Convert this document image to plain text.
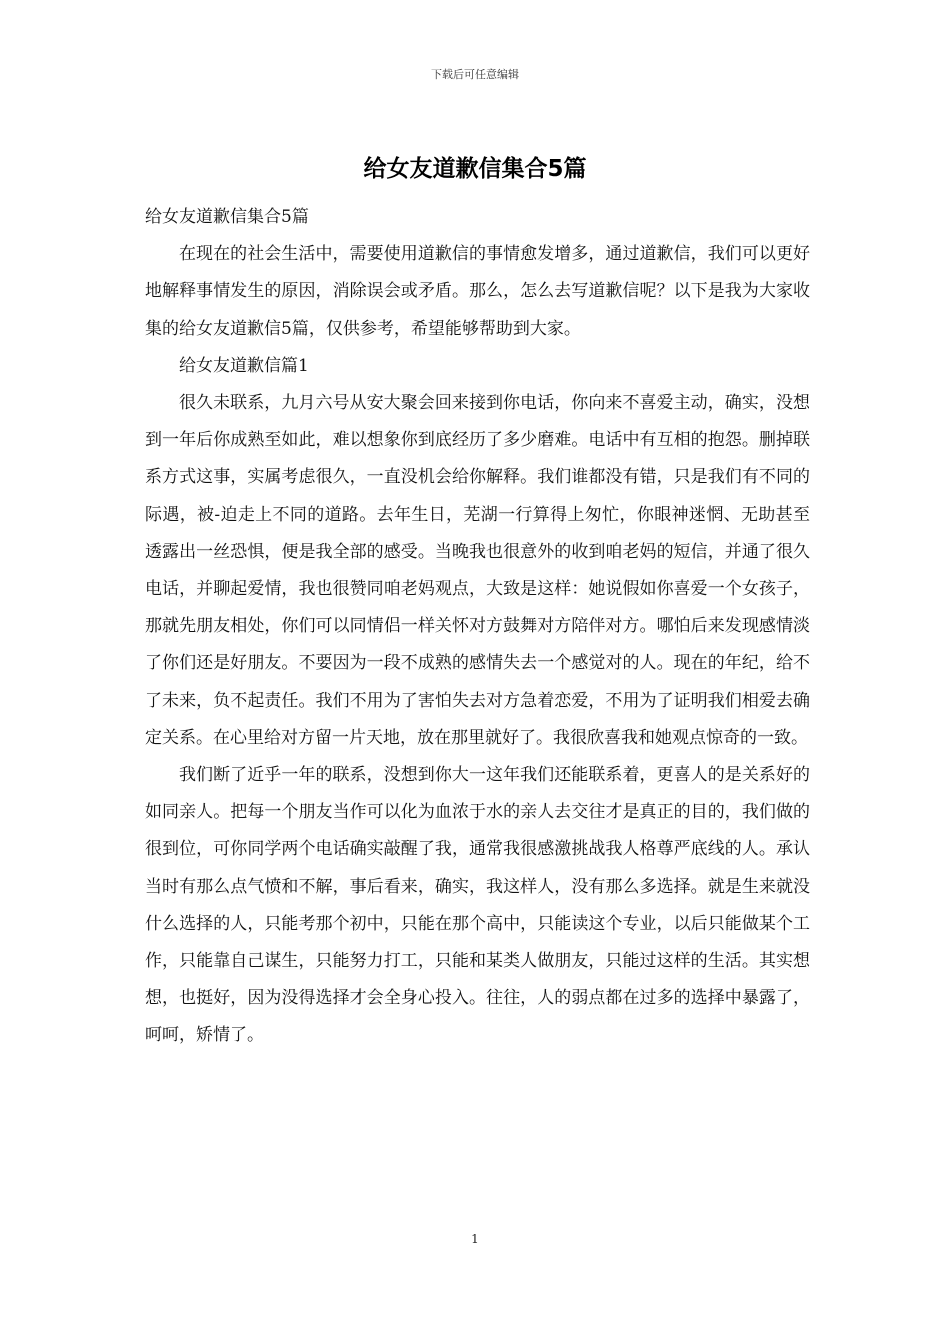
下载后可任意编辑
给女友道歉信集合5篇

给女友道歉信集合5篇

在现在的社会生活中，需要使用道歉信的事情愈发增多，通过道歉信，我们可以更好地解释事情发生的原因，消除误会或矛盾。那么，怎么去写道歉信呢？以下是我为大家收集的给女友道歉信5篇，仅供参考，希望能够帮助到大家。

给女友道歉信篇1

很久未联系，九月六号从安大聚会回来接到你电话，你向来不喜爱主动，确实，没想到一年后你成熟至如此，难以想象你到底经历了多少磨难。电话中有互相的抱怨。删掉联系方式这事，实属考虑很久，一直没机会给你解释。我们谁都没有错，只是我们有不同的际遇，被-迫走上不同的道路。去年生日，芜湖一行算得上匆忙，你眼神迷惘、无助甚至透露出一丝恐惧，便是我全部的感受。当晚我也很意外的收到咱老妈的短信，并通了很久电话，并聊起爱情，我也很赞同咱老妈观点，大致是这样：她说假如你喜爱一个女孩子，那就先朋友相处，你们可以同情侣一样关怀对方鼓舞对方陪伴对方。哪怕后来发现感情淡了你们还是好朋友。不要因为一段不成熟的感情失去一个感觉对的人。现在的年纪，给不了未来，负不起责任。我们不用为了害怕失去对方急着恋爱，不用为了证明我们相爱去确定关系。在心里给对方留一片天地，放在那里就好了。我很欣喜我和她观点惊奇的一致。

我们断了近乎一年的联系，没想到你大一这年我们还能联系着，更喜人的是关系好的如同亲人。把每一个朋友当作可以化为血浓于水的亲人去交往才是真正的目的，我们做的很到位，可你同学两个电话确实敲醒了我，通常我很感激挑战我人格尊严底线的人。承认当时有那么点气愤和不解，事后看来，确实，我这样人，没有那么多选择。就是生来就没什么选择的人，只能考那个初中，只能在那个高中，只能读这个专业，以后只能做某个工作，只能靠自己谋生，只能努力打工，只能和某类人做朋友，只能过这样的生活。其实想想，也挺好，因为没得选择才会全身心投入。往往，人的弱点都在过多的选择中暴露了，呵呵，矫情了。

1
